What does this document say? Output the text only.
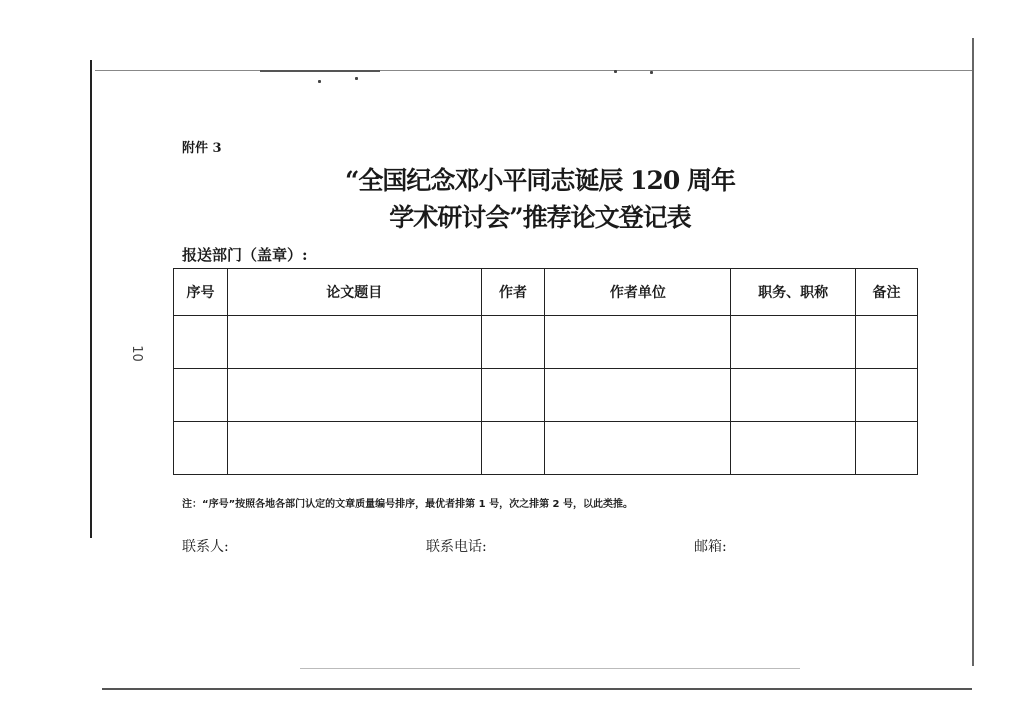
10
附件 3
“全国纪念邓小平同志诞辰 120 周年
学术研讨会”推荐论文登记表
报送部门（盖章）:
序号	论文题目	作者	作者单位	职务、职称	备注

注：“序号”按照各地各部门认定的文章质量编号排序，最优者排第 1 号，次之排第 2 号，以此类推。
联系人:	联系电话:	邮箱:
